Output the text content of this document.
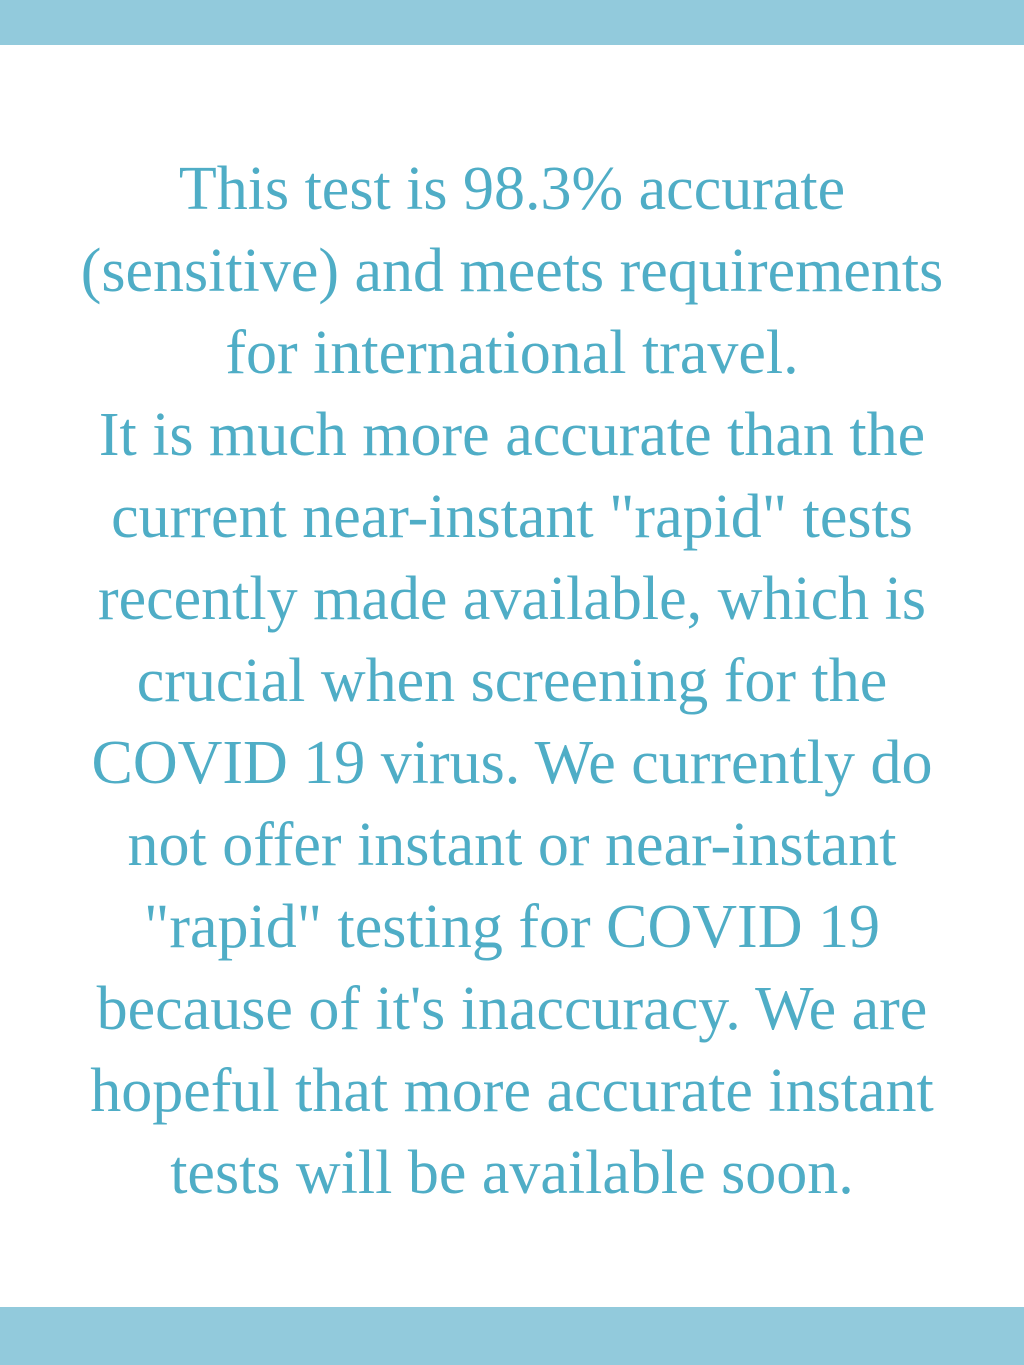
This test is 98.3% accurate
(sensitive) and meets requirements
for international travel.
It is much more accurate than the
current near-instant "rapid" tests
recently made available, which is
crucial when screening for the
COVID 19 virus. We currently do
not offer instant or near-instant
"rapid" testing for COVID 19
because of it's inaccuracy. We are
hopeful that more accurate instant
tests will be available soon.
